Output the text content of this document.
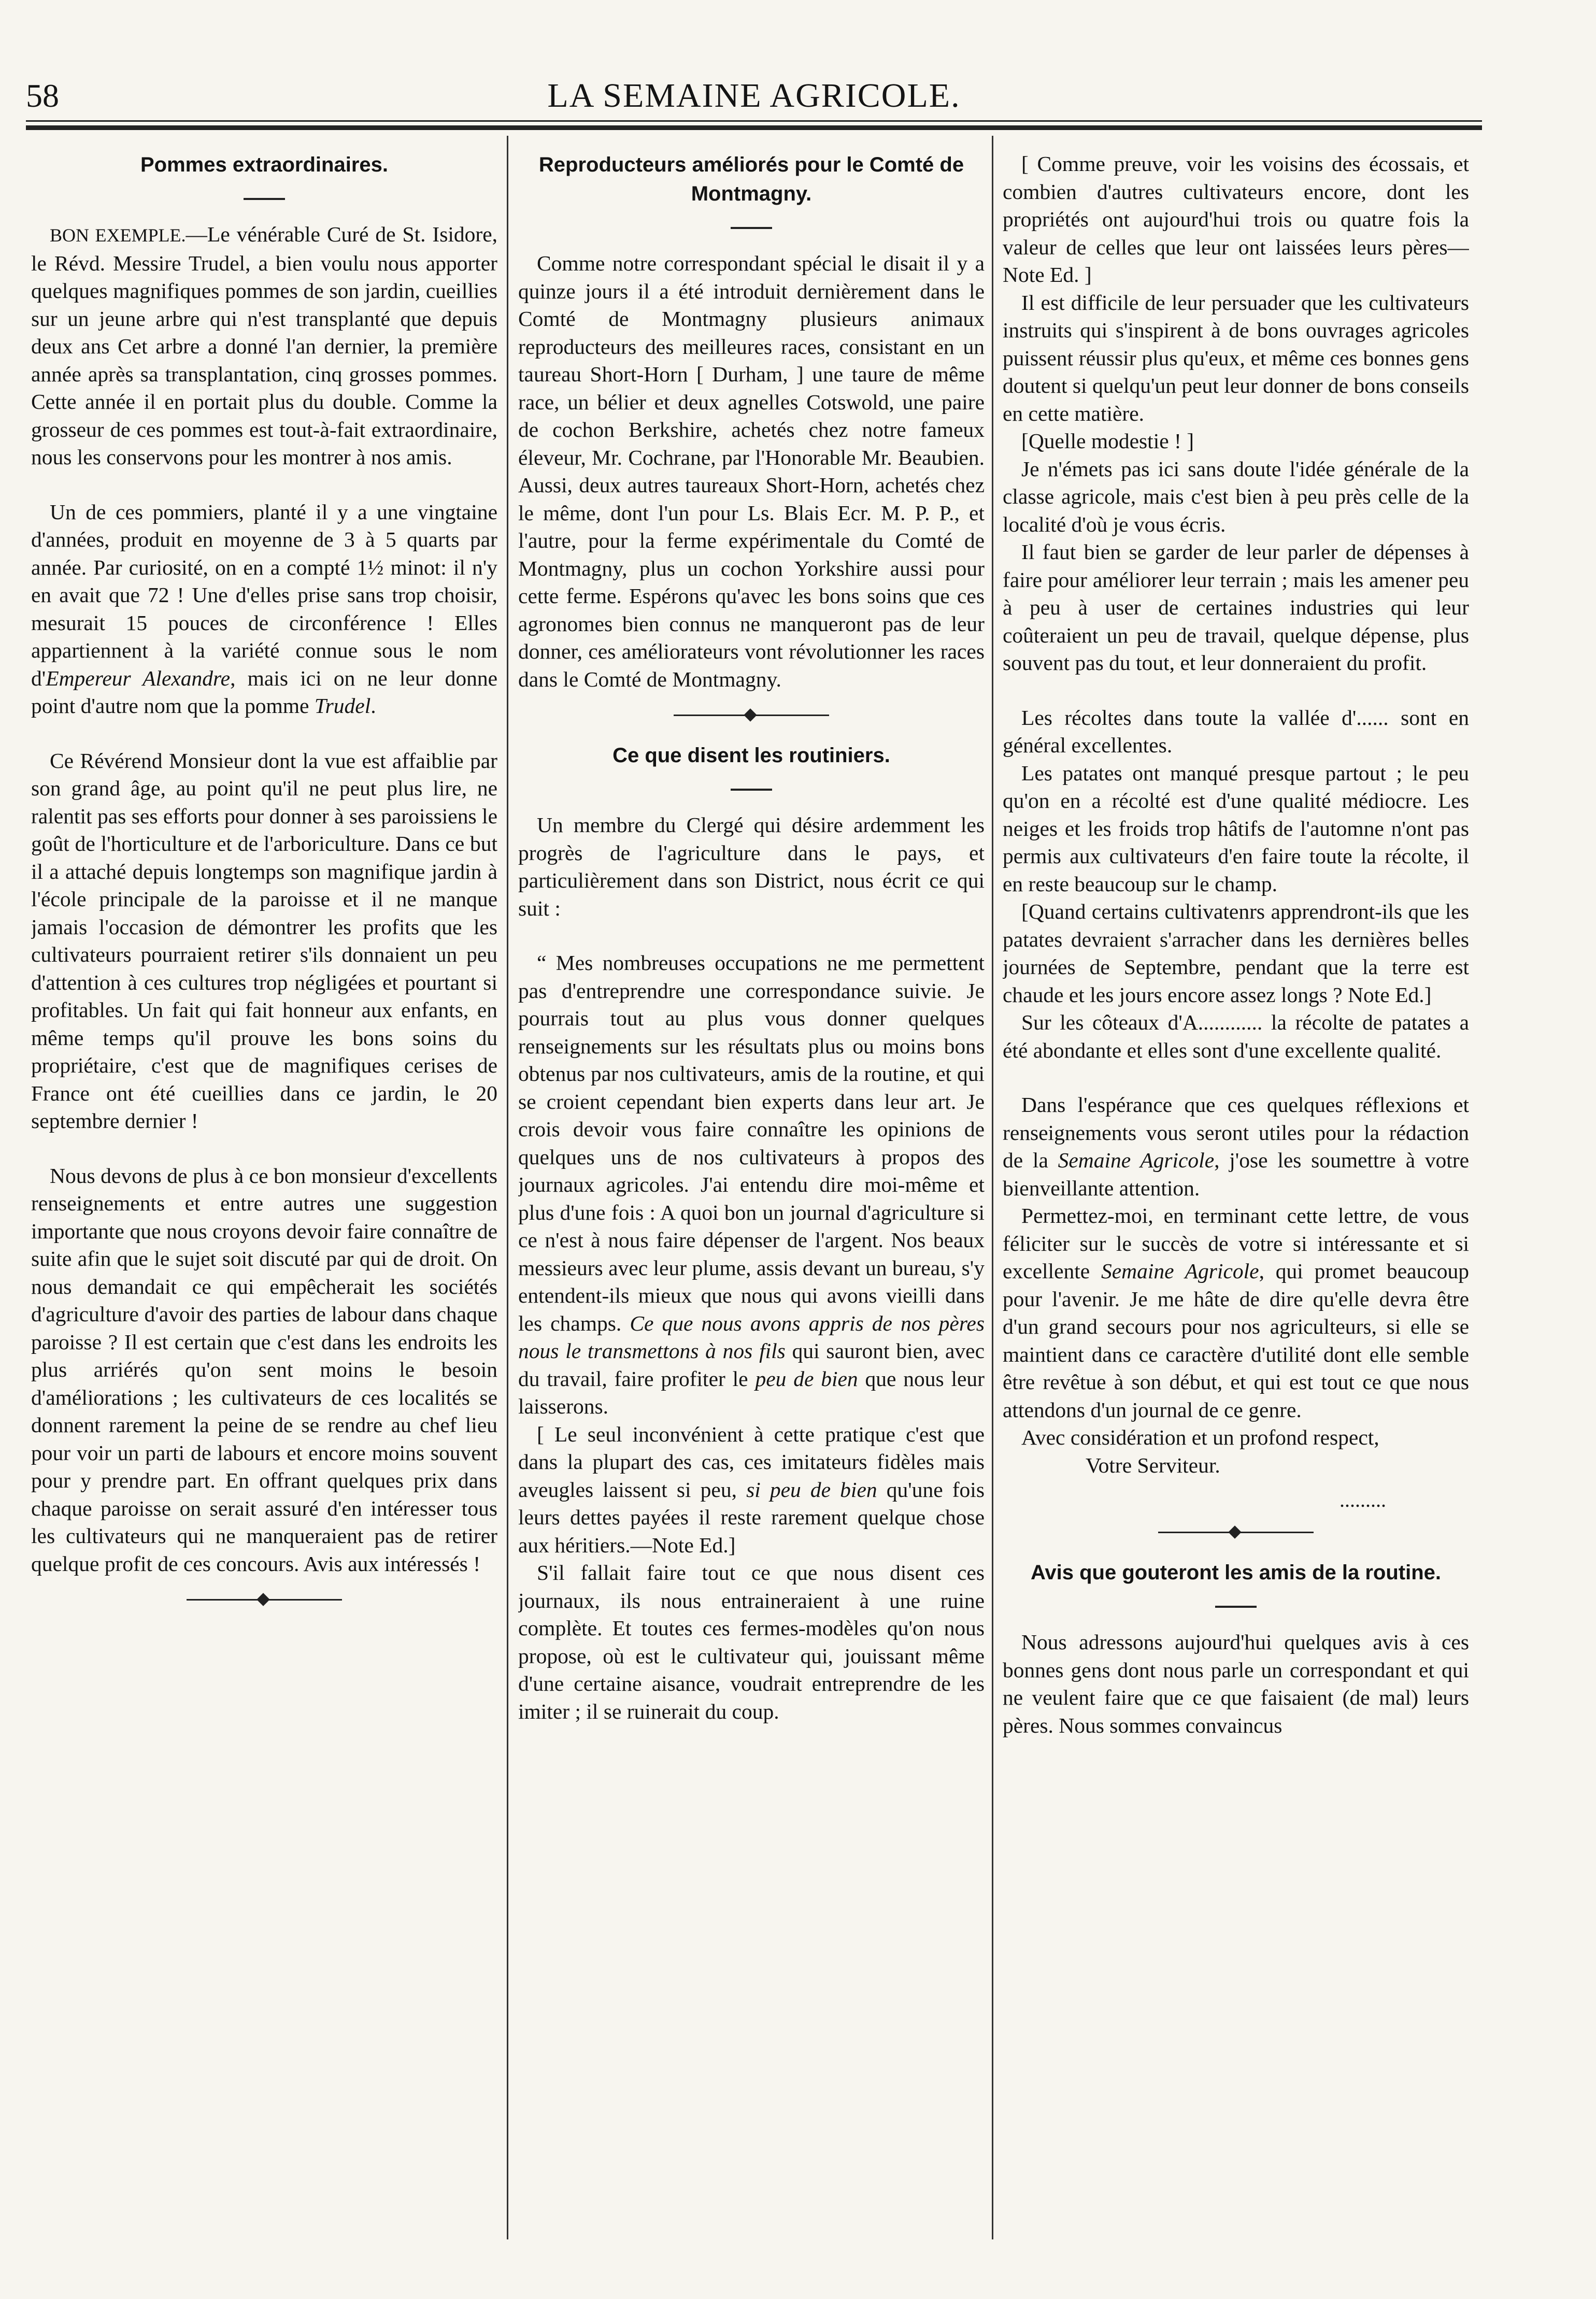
58	LA SEMAINE AGRICOLE.
Pommes extraordinaires.

BON EXEMPLE.—Le vénérable Curé de St. Isidore, le Révd. Messire Trudel, a bien voulu nous apporter quelques magnifiques pommes de son jardin, cueillies sur un jeune arbre qui n'est transplanté que depuis deux ans Cet arbre a donné l'an dernier, la première année après sa transplantation, cinq grosses pommes. Cette année il en portait plus du double. Comme la grosseur de ces pommes est tout-à-fait extraordinaire, nous les conservons pour les montrer à nos amis.

Un de ces pommiers, planté il y a une vingtaine d'années, produit en moyenne de 3 à 5 quarts par année. Par curiosité, on en a compté 1½ minot: il n'y en avait que 72 ! Une d'elles prise sans trop choisir, mesurait 15 pouces de circonférence ! Elles appartiennent à la variété connue sous le nom d'Empereur Alexandre, mais ici on ne leur donne point d'autre nom que la pomme Trudel.

Ce Révérend Monsieur dont la vue est affaiblie par son grand âge, au point qu'il ne peut plus lire, ne ralentit pas ses efforts pour donner à ses paroissiens le goût de l'horticulture et de l'arboriculture. Dans ce but il a attaché depuis longtemps son magnifique jardin à l'école principale de la paroisse et il ne manque jamais l'occasion de démontrer les profits que les cultivateurs pourraient retirer s'ils donnaient un peu d'attention à ces cultures trop négligées et pourtant si profitables. Un fait qui fait honneur aux enfants, en même temps qu'il prouve les bons soins du propriétaire, c'est que de magnifiques cerises de France ont été cueillies dans ce jardin, le 20 septembre dernier !

Nous devons de plus à ce bon monsieur d'excellents renseignements et entre autres une suggestion importante que nous croyons devoir faire connaître de suite afin que le sujet soit discuté par qui de droit. On nous demandait ce qui empêcherait les sociétés d'agriculture d'avoir des parties de labour dans chaque paroisse ? Il est certain que c'est dans les endroits les plus arriérés qu'on sent moins le besoin d'améliorations ; les cultivateurs de ces localités se donnent rarement la peine de se rendre au chef lieu pour voir un parti de labours et encore moins souvent pour y prendre part. En offrant quelques prix dans chaque paroisse on serait assuré d'en intéresser tous les cultivateurs qui ne manqueraient pas de retirer quelque profit de ces concours. Avis aux intéressés !

Reproducteurs améliorés pour le Comté de Montmagny.

Comme notre correspondant spécial le disait il y a quinze jours il a été introduit dernièrement dans le Comté de Montmagny plusieurs animaux reproducteurs des meilleures races, consistant en un taureau Short-Horn [ Durham, ] une taure de même race, un bélier et deux agnelles Cotswold, une paire de cochon Berkshire, achetés chez notre fameux éleveur, Mr. Cochrane, par l'Honorable Mr. Beaubien. Aussi, deux autres taureaux Short-Horn, achetés chez le même, dont l'un pour Ls. Blais Ecr. M. P. P., et l'autre, pour la ferme expérimentale du Comté de Montmagny, plus un cochon Yorkshire aussi pour cette ferme. Espérons qu'avec les bons soins que ces agronomes bien connus ne manqueront pas de leur donner, ces améliorateurs vont révolutionner les races dans le Comté de Montmagny.

Ce que disent les routiniers.

Un membre du Clergé qui désire ardemment les progrès de l'agriculture dans le pays, et particulièrement dans son District, nous écrit ce qui suit :

“ Mes nombreuses occupations ne me permettent pas d'entreprendre une correspondance suivie. Je pourrais tout au plus vous donner quelques renseignements sur les résultats plus ou moins bons obtenus par nos cultivateurs, amis de la routine, et qui se croient cependant bien experts dans leur art. Je crois devoir vous faire connaître les opinions de quelques uns de nos cultivateurs à propos des journaux agricoles. J'ai entendu dire moi-même et plus d'une fois : A quoi bon un journal d'agriculture si ce n'est à nous faire dépenser de l'argent. Nos beaux messieurs avec leur plume, assis devant un bureau, s'y entendent-ils mieux que nous qui avons vieilli dans les champs. Ce que nous avons appris de nos pères nous le transmettons à nos fils qui sauront bien, avec du travail, faire profiter le peu de bien que nous leur laisserons.

[ Le seul inconvénient à cette pratique c'est que dans la plupart des cas, ces imitateurs fidèles mais aveugles laissent si peu, si peu de bien qu'une fois leurs dettes payées il reste rarement quelque chose aux héritiers.—Note Ed.]

S'il fallait faire tout ce que nous disent ces journaux, ils nous entraineraient à une ruine complète. Et toutes ces fermes-modèles qu'on nous propose, où est le cultivateur qui, jouissant même d'une certaine aisance, voudrait entreprendre de les imiter ; il se ruinerait du coup.

[ Comme preuve, voir les voisins des écossais, et combien d'autres cultivateurs encore, dont les propriétés ont aujourd'hui trois ou quatre fois la valeur de celles que leur ont laissées leurs pères—Note Ed. ]

Il est difficile de leur persuader que les cultivateurs instruits qui s'inspirent à de bons ouvrages agricoles puissent réussir plus qu'eux, et même ces bonnes gens doutent si quelqu'un peut leur donner de bons conseils en cette matière.

[Quelle modestie ! ]

Je n'émets pas ici sans doute l'idée générale de la classe agricole, mais c'est bien à peu près celle de la localité d'où je vous écris.

Il faut bien se garder de leur parler de dépenses à faire pour améliorer leur terrain ; mais les amener peu à peu à user de certaines industries qui leur coûteraient un peu de travail, quelque dépense, plus souvent pas du tout, et leur donneraient du profit.

Les récoltes dans toute la vallée d'...... sont en général excellentes.

Les patates ont manqué presque partout ; le peu qu'on en a récolté est d'une qualité médiocre. Les neiges et les froids trop hâtifs de l'automne n'ont pas permis aux cultivateurs d'en faire toute la récolte, il en reste beaucoup sur le champ.

[Quand certains cultivatenrs apprendront-ils que les patates devraient s'arracher dans les dernières belles journées de Septembre, pendant que la terre est chaude et les jours encore assez longs ? Note Ed.]

Sur les côteaux d'A............ la récolte de patates a été abondante et elles sont d'une excellente qualité.

Dans l'espérance que ces quelques réflexions et renseignements vous seront utiles pour la rédaction de la Semaine Agricole, j'ose les soumettre à votre bienveillante attention.

Permettez-moi, en terminant cette lettre, de vous féliciter sur le succès de votre si intéressante et si excellente Semaine Agricole, qui promet beaucoup pour l'avenir. Je me hâte de dire qu'elle devra être d'un grand secours pour nos agriculteurs, si elle se maintient dans ce caractère d'utilité dont elle semble être revêtue à son début, et qui est tout ce que nous attendons d'un journal de ce genre.

Avec considération et un profond respect,

Votre Serviteur.

.........
Avis que gouteront les amis de la routine.

Nous adressons aujourd'hui quelques avis à ces bonnes gens dont nous parle un correspondant et qui ne veulent faire que ce que faisaient (de mal) leurs pères. Nous sommes convaincus
